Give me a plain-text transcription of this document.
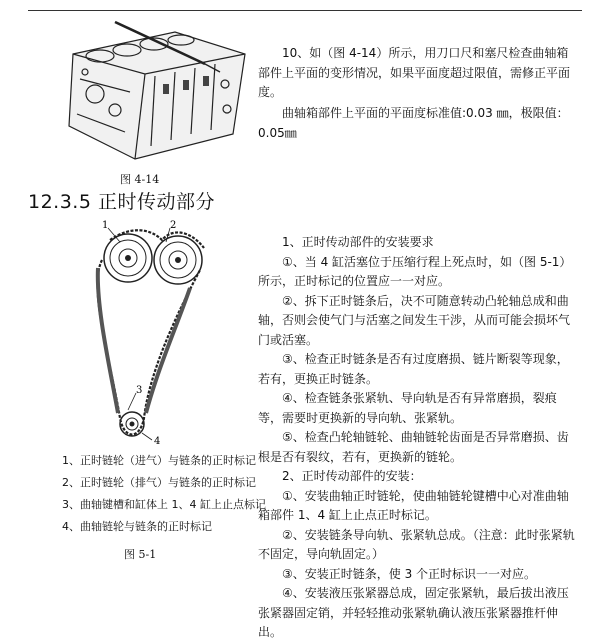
图 4-14
12.3.5 正时传动部分

10、如（图 4-14）所示，用刀口尺和塞尺检查曲轴箱部件上平面的变形情况，如果平面度超过限值，需修正平面度。

曲轴箱部件上平面的平面度标准值:0.03 ㎜，极限值：0.05㎜

1	2
3
4
1、正时链轮（进气）与链条的正时标记
2、正时链轮（排气）与链条的正时标记
3、曲轴键槽和缸体上 1、4 缸上止点标记
4、曲轴链轮与链条的正时标记
图 5-1

1、正时传动部件的安装要求

①、当 4 缸活塞位于压缩行程上死点时，如（图 5-1）所示，正时标记的位置应一一对应。

②、拆下正时链条后，决不可随意转动凸轮轴总成和曲轴，否则会使气门与活塞之间发生干涉，从而可能会损坏气门或活塞。

③、检查正时链条是否有过度磨损、链片断裂等现象，若有，更换正时链条。

④、检查链条张紧轨、导向轨是否有异常磨损，裂痕等，需要时更换新的导向轨、张紧轨。

⑤、检查凸轮轴链轮、曲轴链轮齿面是否异常磨损、齿根是否有裂纹，若有，更换新的链轮。

2、正时传动部件的安装：

①、安装曲轴正时链轮，使曲轴链轮键槽中心对准曲轴箱部件 1、4 缸上止点正时标记。

②、安装链条导向轨、张紧轨总成。（注意：此时张紧轨不固定，导向轨固定。）

③、安装正时链条，使 3 个正时标识一一对应。

④、安装液压张紧器总成，固定张紧轨，最后拔出液压张紧器固定销，并轻轻推动张紧轨确认液压张紧器推杆伸出。
